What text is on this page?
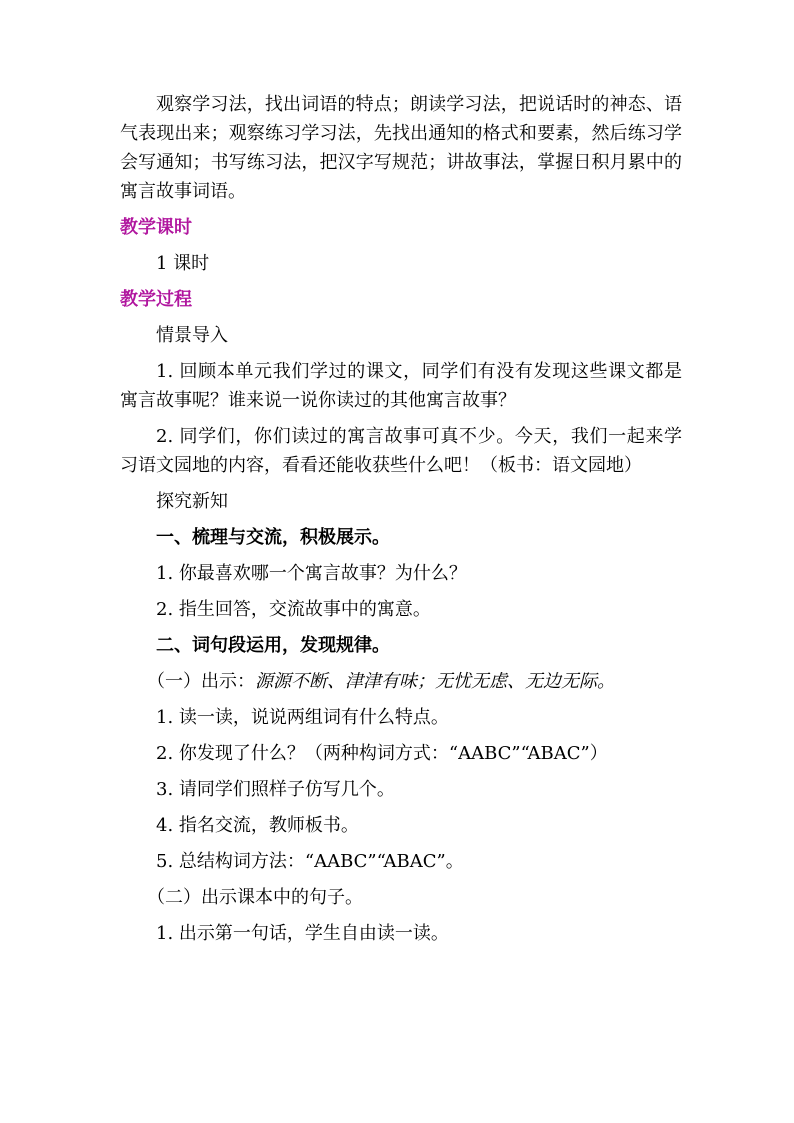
观察学习法，找出词语的特点；朗读学习法，把说话时的神态、语气表现出来；观察练习学习法，先找出通知的格式和要素，然后练习学会写通知；书写练习法，把汉字写规范；讲故事法，掌握日积月累中的寓言故事词语。

教学课时
1 课时
教学过程
情景导入

1. 回顾本单元我们学过的课文，同学们有没有发现这些课文都是寓言故事呢？谁来说一说你读过的其他寓言故事？

2. 同学们，你们读过的寓言故事可真不少。今天，我们一起来学习语文园地的内容，看看还能收获些什么吧！（板书：语文园地）

探究新知
一、梳理与交流，积极展示。
1. 你最喜欢哪一个寓言故事？为什么？
2. 指生回答，交流故事中的寓意。
二、词句段运用，发现规律。
（一）出示：源源不断、津津有味；无忧无虑、无边无际。
1. 读一读，说说两组词有什么特点。
2. 你发现了什么？（两种构词方式：“AABC”“ABAC”）
3. 请同学们照样子仿写几个。
4. 指名交流，教师板书。
5. 总结构词方法：“AABC”“ABAC”。
（二）出示课本中的句子。
1. 出示第一句话，学生自由读一读。
